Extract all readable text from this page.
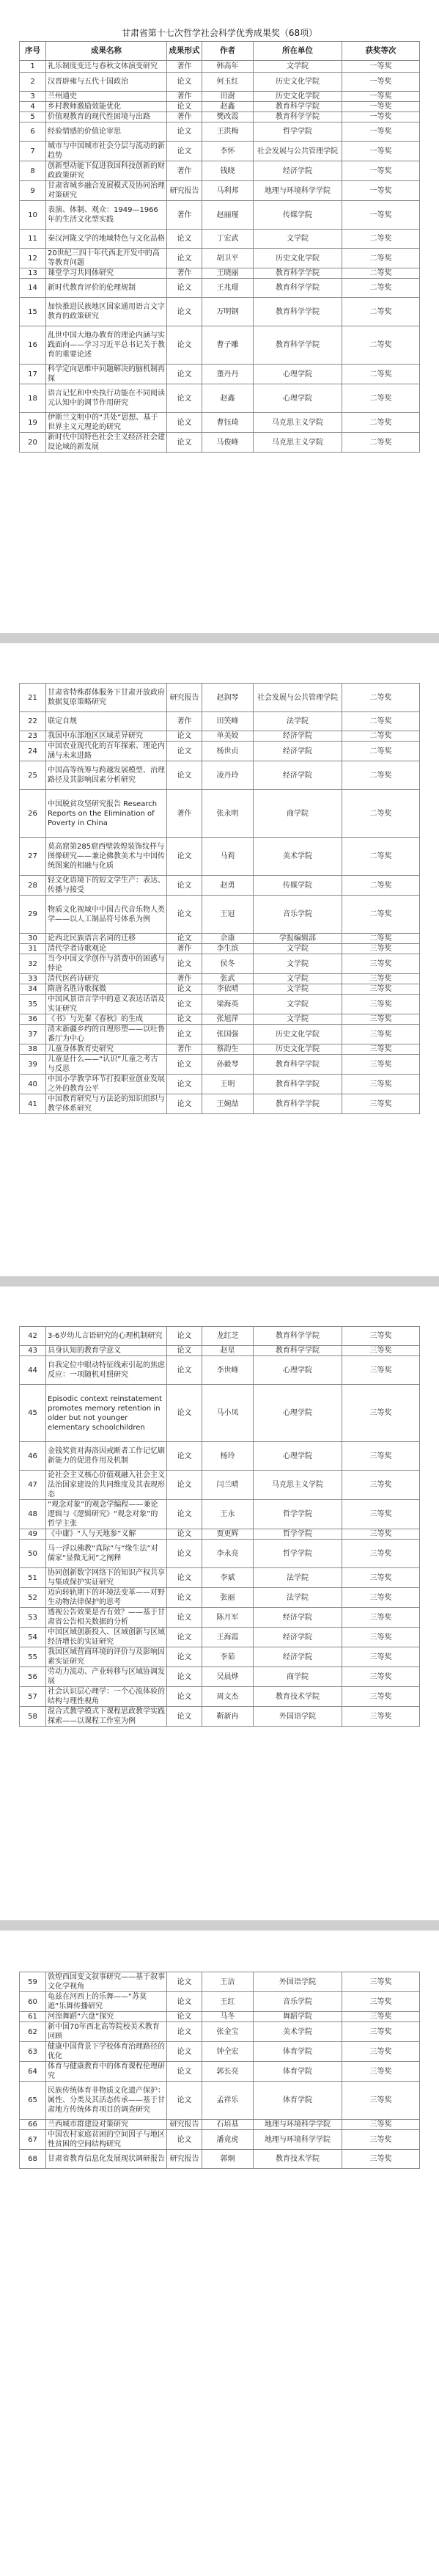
甘肃省第十七次哲学社会科学优秀成果奖（68项）
序号	成果名称	成果形式	作者	所在单位	获奖等次
1	礼乐制度变迁与春秋文体演变研究	著作	韩高年	文学院	一等奖
2	汉晋辟雍与五代十国政治	论文	何玉红	历史文化学院	一等奖
3	兰州通史	著作	田澍	历史文化学院	一等奖
4	乡村教师激励效能优化	论文	赵鑫	教育科学学院	一等奖
5	价值观教育的现代性困境与出路	著作	樊改霞	教育科学学院	一等奖
6	经验情感的价值论审思	论文	王洪梅	哲学学院	一等奖
7	城市与中国城市社会分层与流动的新趋势	论文	李怀	社会发展与公共管理学院	一等奖
8	创新型动能下促进我国科技创新的财政政策研究	著作	钱晓	经济学院	一等奖
9	甘肃省城乡融合发展模式及协同治理对策研究	研究报告	马利邦	地理与环境科学学院	一等奖
10	表演、体制、观众：1949—1966年的生活文化型实践	著作	赵丽瑾	传媒学院	一等奖
11	秦汉河陇文学的地域特色与文化品格	论文	丁宏武	文学院	二等奖
12	20世纪三四十年代西北开发中的高等教育问题	论文	胡卫平	历史文化学院	二等奖
13	课堂学习共同体研究	著作	王晓丽	教育科学学院	二等奖
14	新时代教育评价的伦理规制	论文	王兆璟	教育科学学院	二等奖
15	加快推进民族地区国家通用语言文字教育的政策研究	论文	万明钢	教育科学学院	二等奖
16	乱世中国大地办教育的理论内涵与实践面向——学习习近平总书记关于教育的重要论述	论文	曹子雕	教育科学学院	二等奖
17	科学定向思维中问题解决的脑机制再探	论文	董丹丹	心理学院	二等奖
18	语言记忆和中央执行功能在不同阅读元认知中的调节作用研究	论文	赵鑫	心理学院	二等奖
19	伊斯兰文明中的“共处”思想、基于世界主义元理论的研究	论文	曹钰琦	马克思主义学院	二等奖
20	新时代中国特色社会主义经济社会建设论域的新发展	论文	马俊峰	马克思主义学院	二等奖
21	甘肃省特殊群体服务下甘肃开放政府数据复原策略研究	研究报告	赵润琴	社会发展与公共管理学院	二等奖
22	联定自规	著作	田笑峰	法学院	二等奖
23	我国中东部地区区域差异研究	论文	单美姣	经济学院	二等奖
24	中国农业现代化的百年探索、理论内涵与未来进路	论文	杨世贞	经济学院	二等奖
25	中国高等统筹与跨越发展模型、治理路径及其影响因素分析研究	论文	凌丹玲	经济学院	二等奖
26	中国脱贫攻坚研究报告 Research Reports on the Elimination of Poverty in China	著作	张永明	商学院	二等奖
27	莫高窟第285窟西壁敦煌装饰纹样与图像研究——兼论佛教美术与中国传统图案的相融与化质	论文	马莉	美术学院	二等奖
28	轻文化语境下的短文学生产：表达、传播与接受	论文	赵勇	传媒学院	二等奖
29	物质文化视域中中国古代音乐物人类学——以人工制品符号体系为例	论文	王冠	音乐学院	二等奖
30	论西北民族语言名词的迁移	论文	佘康	学报编辑部	二等奖
31	清代学者诗歌观论	著作	李生滨	文学院	三等奖
32	当今中国文学创作与消费中的困惑与悖论	论文	侯冬	文学院	三等奖
33	清代医药诗研究	著作	张武	文学院	三等奖
34	隋唐名胜诗歌探微	论文	李依晴	文学院	三等奖
35	中国风景语言学中的意义表达话语及实证研究	论文	梁海英	文学院	三等奖
36	《书》与先秦《春秋》的生成	论文	张旭萍	文学院	三等奖
37	清末新疆乡约的自理形塑——以吐鲁番厅为中心	论文	张国强	历史文化学院	三等奖
38	儿童身体教育史研究	著作	蔡韵生	历史文化学院	三等奖
39	儿童是什么——“认识”儿童之考古与反思	论文	孙毅琴	教育科学学院	三等奖
40	中国小学教学环节打投职业创业发展之外的教育公平	论文	王明	教育科学学院	三等奖
41	中国教育研究与方法论的知识组织与教学体系研究	论文	王婉喆	教育科学学院	三等奖
42	3-6岁幼儿言语研究的心理机制研究	论文	龙红芝	教育科学学院	三等奖
43	具身认知的教育学意义	论文	赵星	教育科学学院	三等奖
44	自我定位中眼动特征线索引起的焦虑反应：一项随机对照研究	论文	李世峰	心理学院	三等奖
45	Episodic context reinstatement promotes memory retention in older but not younger elementary schoolchildren	论文	马小凤	心理学院	三等奖
46	金钱奖赏对海洛因戒断者工作记忆刷新能力的促进作用及机制	论文	杨玲	心理学院	三等奖
47	论社会主义核心价值观融入社会主义法治国家建设的共同维度及其表现形态	论文	闫兰晴	马克思主义学院	三等奖
48	“观念对象”的观念学编程——兼论逻辑与《逻辑研究》“观念对象”的哲学主张	论文	王永	哲学学院	三等奖
49	《中庸》“人与天地参”义解	论文	贾更辉	哲学学院	三等奖
50	马一浮以佛教“真际”与“缘生法”对儒家“显微无间”之阐释	论文	李永亮	哲学学院	三等奖
51	协同创新数字网络下的知识产权共享与集成保护实证研究	论文	李斌	法学院	三等奖
52	迈向转轨期下的环境法变革——对野生动物法律保护的思考	论文	张丽	法学院	三等奖
53	透视公告效果是否有效？——基于甘肃省公告相关数据的分析	论文	陈月军	经济学院	三等奖
54	中国区域创新投入、区域创新与区域经济增长的实证研究	论文	王海霞	经济学院	三等奖
55	我国区域营商环境的评价与及影响因素实证研究	论文	李茹	经济学院	三等奖
56	劳动力流动、产业转移与区域协调发展	论文	吴晨烨	商学院	三等奖
57	社会认识层心理学：一个心流体验的结构与理性视角	论文	周文杰	教育技术学院	三等奖
58	混合式教学模式下课程思政教学实践探索——以课程工作室为例	论文	靳新冉	外国语学院	三等奖
59	敦煌西国变文叙事研究——基于叙事文化学视角	论文	王洁	外国语学院	三等奖
60	龟兹在河西上的乐舞——“苏莫遮”乐舞传播研究	论文	王红	音乐学院	三等奖
61	河湟舞蹈“六盘”探究	论文	马冬	舞蹈学院	三等奖
62	新中国70年西北高等院校美术教育回顾	论文	张金宝	美术学院	三等奖
63	健康中国背景下学校体育治理路径的优化	论文	钟全宏	体育学院	三等奖
64	体育与健康教育中的体育课程伦理研究	论文	郭长亮	体育学院	三等奖
65	民族传统体育非物质文化遗产保护：属性、分类及其活态传承——基于甘肃地方传统体育项目的调查研究	论文	孟祥乐	体育学院	三等奖
66	兰西城市群建设对策研究	研究报告	石培基	地理与环境科学学院	三等奖
67	中国农村家庭贫困的空间因子与地区性贫困的空间结构研究	论文	潘竟虎	地理与环境科学学院	三等奖
68	甘肃省教育信息化发展现状调研报告	研究报告	郭炯	教育技术学院	三等奖
